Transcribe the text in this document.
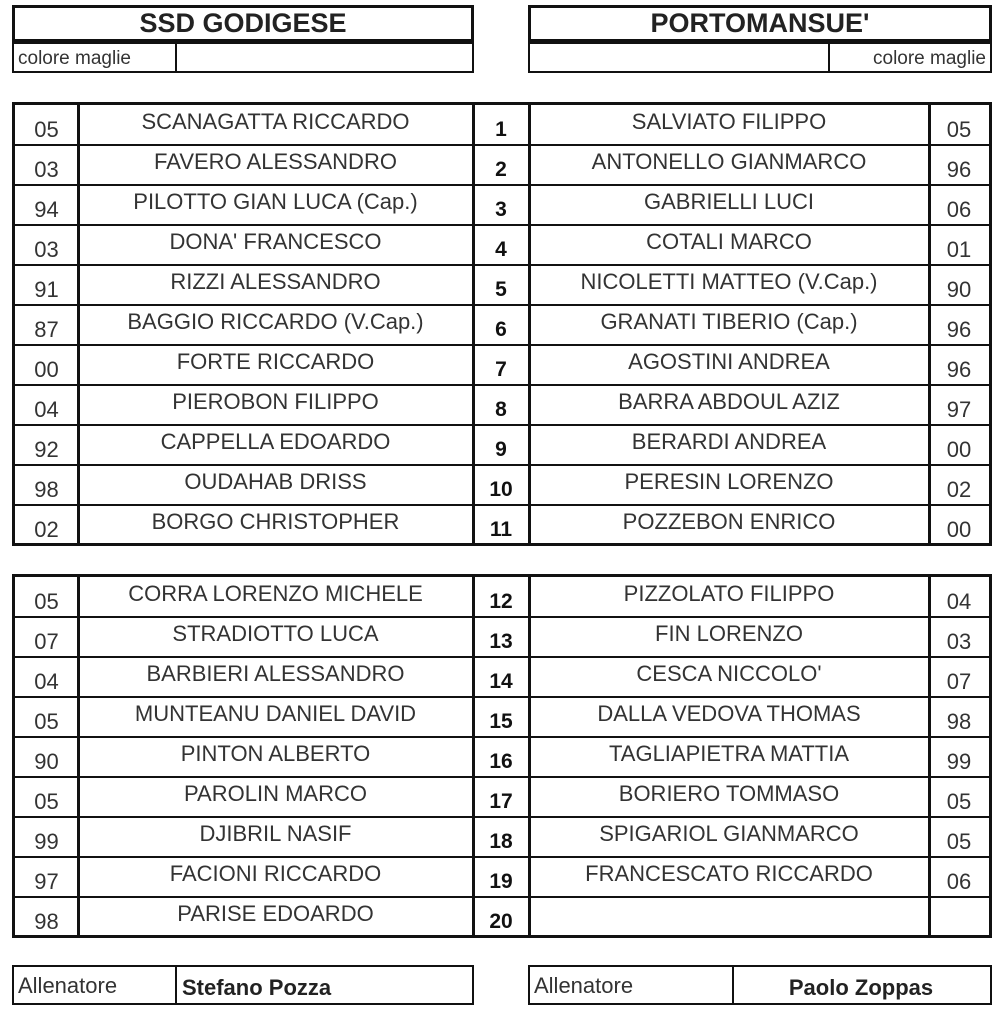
SSD GODIGESE
colore maglie
PORTOMANSUE'
colore maglie
05	SCANAGATTA RICCARDO	1	SALVIATO FILIPPO	05
03	FAVERO ALESSANDRO	2	ANTONELLO GIANMARCO	96
94	PILOTTO GIAN LUCA (Cap.)	3	GABRIELLI LUCI	06
03	DONA' FRANCESCO	4	COTALI MARCO	01
91	RIZZI ALESSANDRO	5	NICOLETTI MATTEO (V.Cap.)	90
87	BAGGIO RICCARDO (V.Cap.)	6	GRANATI TIBERIO (Cap.)	96
00	FORTE RICCARDO	7	AGOSTINI ANDREA	96
04	PIEROBON FILIPPO	8	BARRA ABDOUL AZIZ	97
92	CAPPELLA EDOARDO	9	BERARDI ANDREA	00
98	OUDAHAB DRISS	10	PERESIN LORENZO	02
02	BORGO CHRISTOPHER	11	POZZEBON ENRICO	00
05	CORRA LORENZO MICHELE	12	PIZZOLATO FILIPPO	04
07	STRADIOTTO LUCA	13	FIN LORENZO	03
04	BARBIERI ALESSANDRO	14	CESCA NICCOLO'	07
05	MUNTEANU DANIEL DAVID	15	DALLA VEDOVA THOMAS	98
90	PINTON ALBERTO	16	TAGLIAPIETRA MATTIA	99
05	PAROLIN MARCO	17	BORIERO TOMMASO	05
99	DJIBRIL NASIF	18	SPIGARIOL GIANMARCO	05
97	FACIONI RICCARDO	19	FRANCESCATO RICCARDO	06
98	PARISE EDOARDO	20
Allenatore	Stefano Pozza	Allenatore	Paolo Zoppas
